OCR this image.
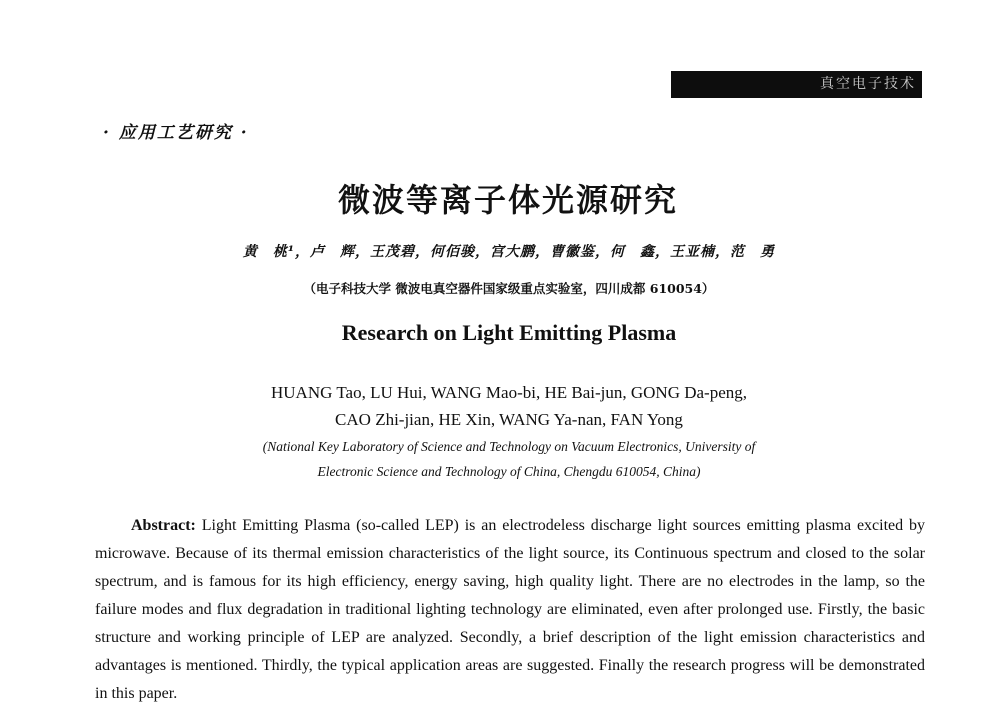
真空电子技术
· 应用工艺研究 ·
微波等离子体光源研究
黄　桃¹，卢　辉，王茂碧，何佰骏，宫大鹏，曹徽鉴，何　鑫，王亚楠，范　勇
（电子科技大学 微波电真空器件国家级重点实验室，四川成都 610054）
Research on Light Emitting Plasma
HUANG Tao, LU Hui, WANG Mao-bi, HE Bai-jun, GONG Da-peng,
CAO Zhi-jian, HE Xin, WANG Ya-nan, FAN Yong
(National Key Laboratory of Science and Technology on Vacuum Electronics, University of
Electronic Science and Technology of China, Chengdu 610054, China)

Abstract: Light Emitting Plasma (so-called LEP) is an electrodeless discharge light sources emitting plasma excited by microwave. Because of its thermal emission characteristics of the light source, its Continuous spectrum and closed to the solar spectrum, and is famous for its high efficiency, energy saving, high quality light. There are no electrodes in the lamp, so the failure modes and flux degradation in traditional lighting technology are eliminated, even after prolonged use. Firstly, the basic structure and working principle of LEP are analyzed. Secondly, a brief description of the light emission characteristics and advantages is mentioned. Thirdly, the typical application areas are suggested. Finally the research progress will be demonstrated in this paper.
